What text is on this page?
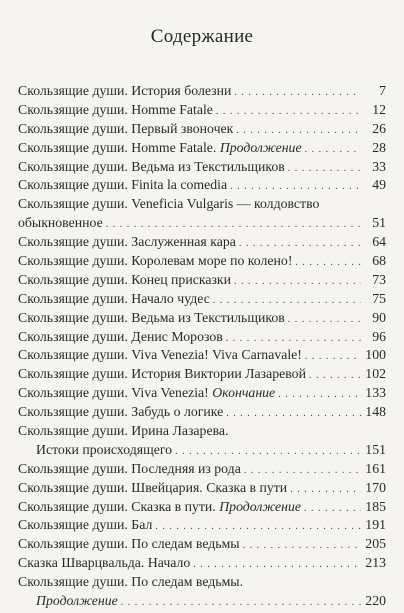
Содержание
Скользящие души. История болезни . . .	7
Скользящие души. Homme Fatale . . .	12
Скользящие души. Первый звоночек . . .	26
Скользящие души. Homme Fatale. Продолжение . . .	28
Скользящие души. Ведьма из Текстильщиков . . .	33
Скользящие души. Finita la comedia . . .	49
Скользящие души. Veneficia Vulgaris — колдовство
обыкновенное . . .	51
Скользящие души. Заслуженная кара . . .	64
Скользящие души. Королевам море по колено! . . .	68
Скользящие души. Конец присказки . . .	73
Скользящие души. Начало чудес . . .	75
Скользящие души. Ведьма из Текстильщиков . . .	90
Скользящие души. Денис Морозов . . .	96
Скользящие души. Viva Venezia! Viva Carnavale! . . .	100
Скользящие души. История Виктории Лазаревой . . .	102
Скользящие души. Viva Venezia! Окончание . . .	133
Скользящие души. Забудь о логике . . .	148
Скользящие души. Ирина Лазарева.
Истоки происходящего . . .	151
Скользящие души. Последняя из рода . . .	161
Скользящие души. Швейцария. Сказка в пути . . .	170
Скользящие души. Сказка в пути. Продолжение . . .	185
Скользящие души. Бал . . .	191
Скользящие души. По следам ведьмы . . .	205
Сказка Шварцвальда. Начало . . .	213
Скользящие души. По следам ведьмы.
Продолжение . . .	220
